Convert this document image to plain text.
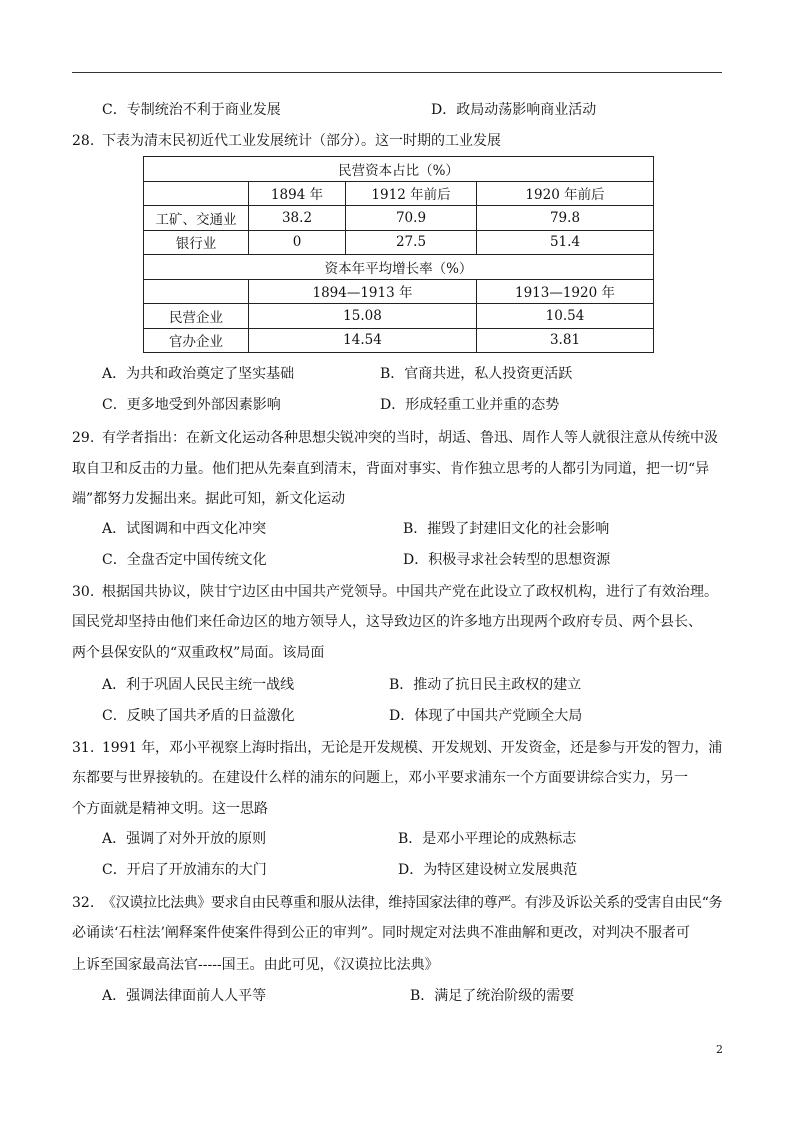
C．专制统治不利于商业发展	D．政局动荡影响商业活动
28. 下表为清末民初近代工业发展统计（部分）。这一时期的工业发展
民营资本占比（%）			
	1894 年	1912 年前后	1920 年前后
工矿、交通业	38.2	70.9	79.8
银行业	0	27.5	51.4
资本年平均增长率（%）			
	1894—1913 年		1913—1920 年
民营企业	15.08		10.54
官办企业	14.54		3.81
A．为共和政治奠定了坚实基础	B．官商共进，私人投资更活跃
C．更多地受到外部因素影响	D．形成轻重工业并重的态势
29. 有学者指出：在新文化运动各种思想尖锐冲突的当时，胡适、鲁迅、周作人等人就很注意从传统中汲
取自卫和反击的力量。他们把从先秦直到清末，背面对事实、肯作独立思考的人都引为同道，把一切“异
端”都努力发掘出来。据此可知，新文化运动
A．试图调和中西文化冲突	B．摧毁了封建旧文化的社会影响
C．全盘否定中国传统文化	D．积极寻求社会转型的思想资源
30. 根据国共协议，陕甘宁边区由中国共产党领导。中国共产党在此设立了政权机构，进行了有效治理。
国民党却坚持由他们来任命边区的地方领导人，这导致边区的许多地方出现两个政府专员、两个县长、
两个县保安队的“双重政权”局面。该局面
A．利于巩固人民民主统一战线	B．推动了抗日民主政权的建立
C．反映了国共矛盾的日益激化	D．体现了中国共产党顾全大局
31. 1991 年，邓小平视察上海时指出，无论是开发规模、开发规划、开发资金，还是参与开发的智力，浦
东都要与世界接轨的。在建设什么样的浦东的问题上，邓小平要求浦东一个方面要讲综合实力，另一
个方面就是精神文明。这一思路
A．强调了对外开放的原则	B．是邓小平理论的成熟标志
C．开启了开放浦东的大门	D．为特区建设树立发展典范
32. 《汉谟拉比法典》要求自由民尊重和服从法律，维持国家法律的尊严。有涉及诉讼关系的受害自由民“务
必诵读‘石柱法’阐释案件使案件得到公正的审判”。同时规定对法典不准曲解和更改，对判决不服者可
上诉至国家最高法官-----国王。由此可见，《汉谟拉比法典》
A．强调法律面前人人平等	B．满足了统治阶级的需要
2
